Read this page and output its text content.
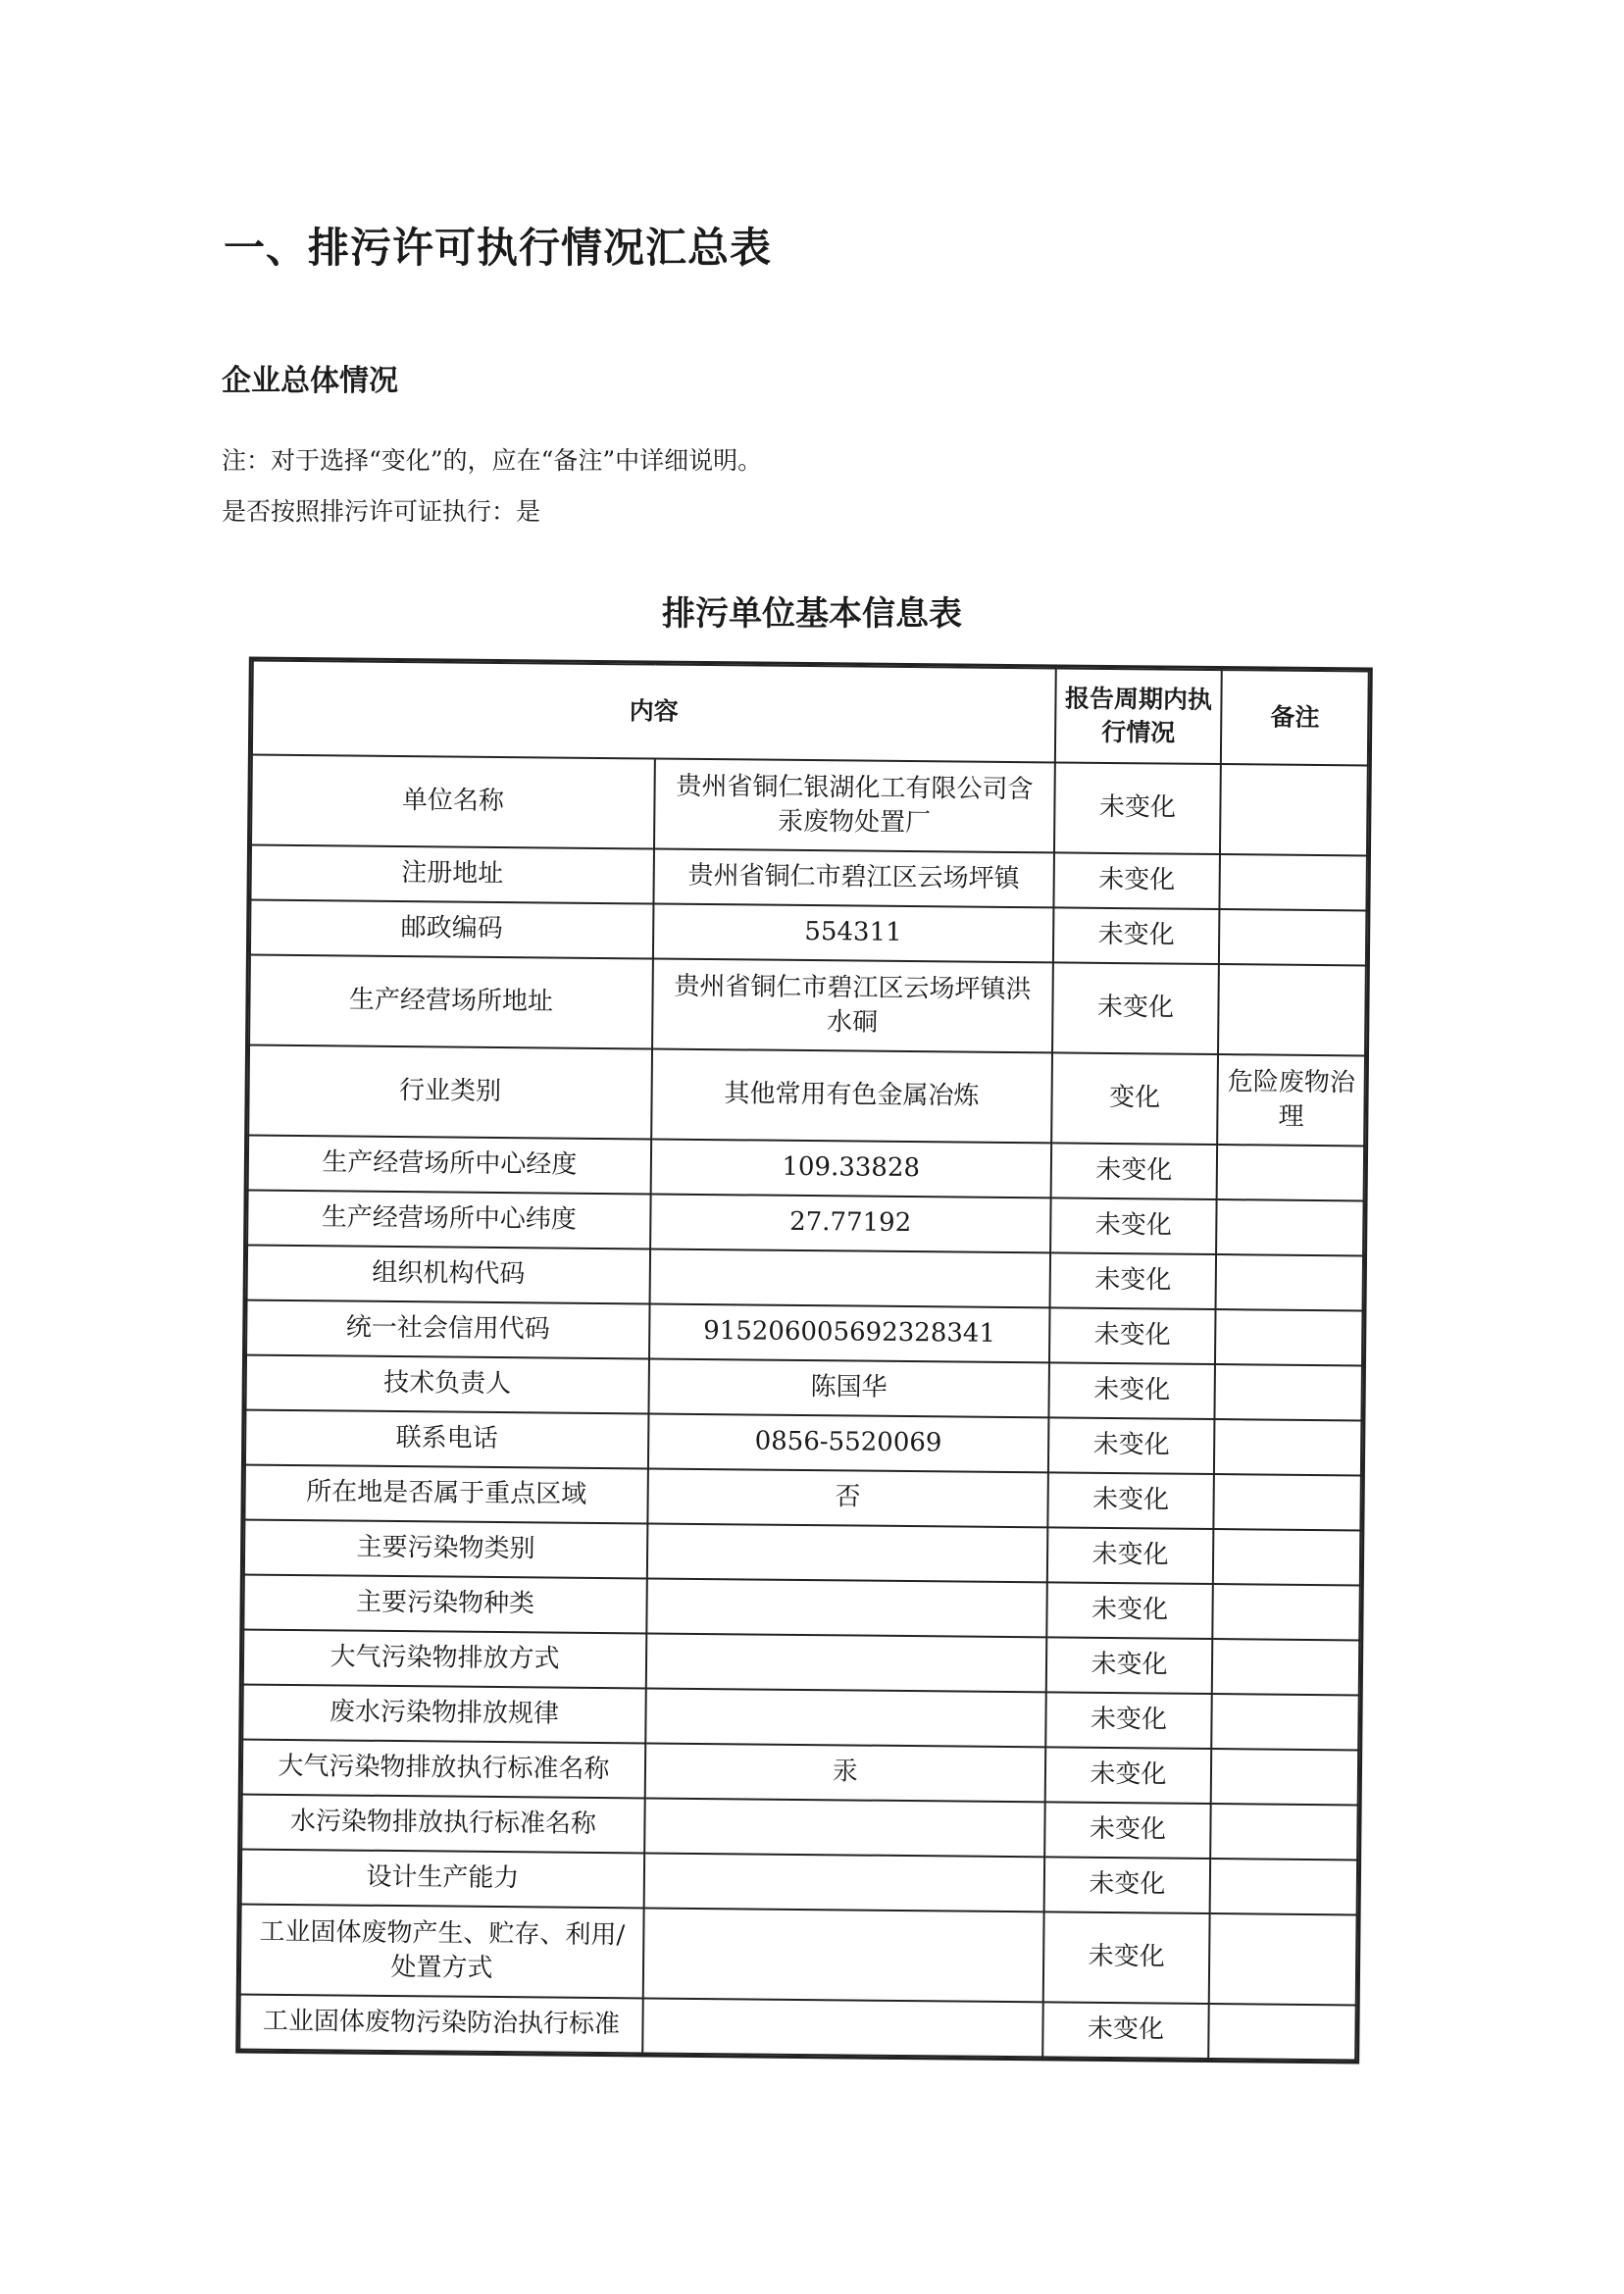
一、排污许可执行情况汇总表
企业总体情况
注：对于选择“变化”的，应在“备注”中详细说明。
是否按照排污许可证执行：是
排污单位基本信息表
内容		报告周期内执行情况	备注
单位名称	贵州省铜仁银湖化工有限公司含汞废物处置厂	未变化	
注册地址	贵州省铜仁市碧江区云场坪镇	未变化	
邮政编码	554311	未变化	
生产经营场所地址	贵州省铜仁市碧江区云场坪镇洪水硐	未变化	
行业类别	其他常用有色金属冶炼	变化	危险废物治理
生产经营场所中心经度	109.33828	未变化	
生产经营场所中心纬度	27.77192	未变化	
组织机构代码		未变化	
统一社会信用代码	915206005692328341	未变化	
技术负责人	陈国华	未变化	
联系电话	0856-5520069	未变化	
所在地是否属于重点区域	否	未变化	
主要污染物类别		未变化	
主要污染物种类		未变化	
大气污染物排放方式		未变化	
废水污染物排放规律		未变化	
大气污染物排放执行标准名称	汞	未变化	
水污染物排放执行标准名称		未变化	
设计生产能力		未变化	
工业固体废物产生、贮存、利用/处置方式		未变化	
工业固体废物污染防治执行标准		未变化	
